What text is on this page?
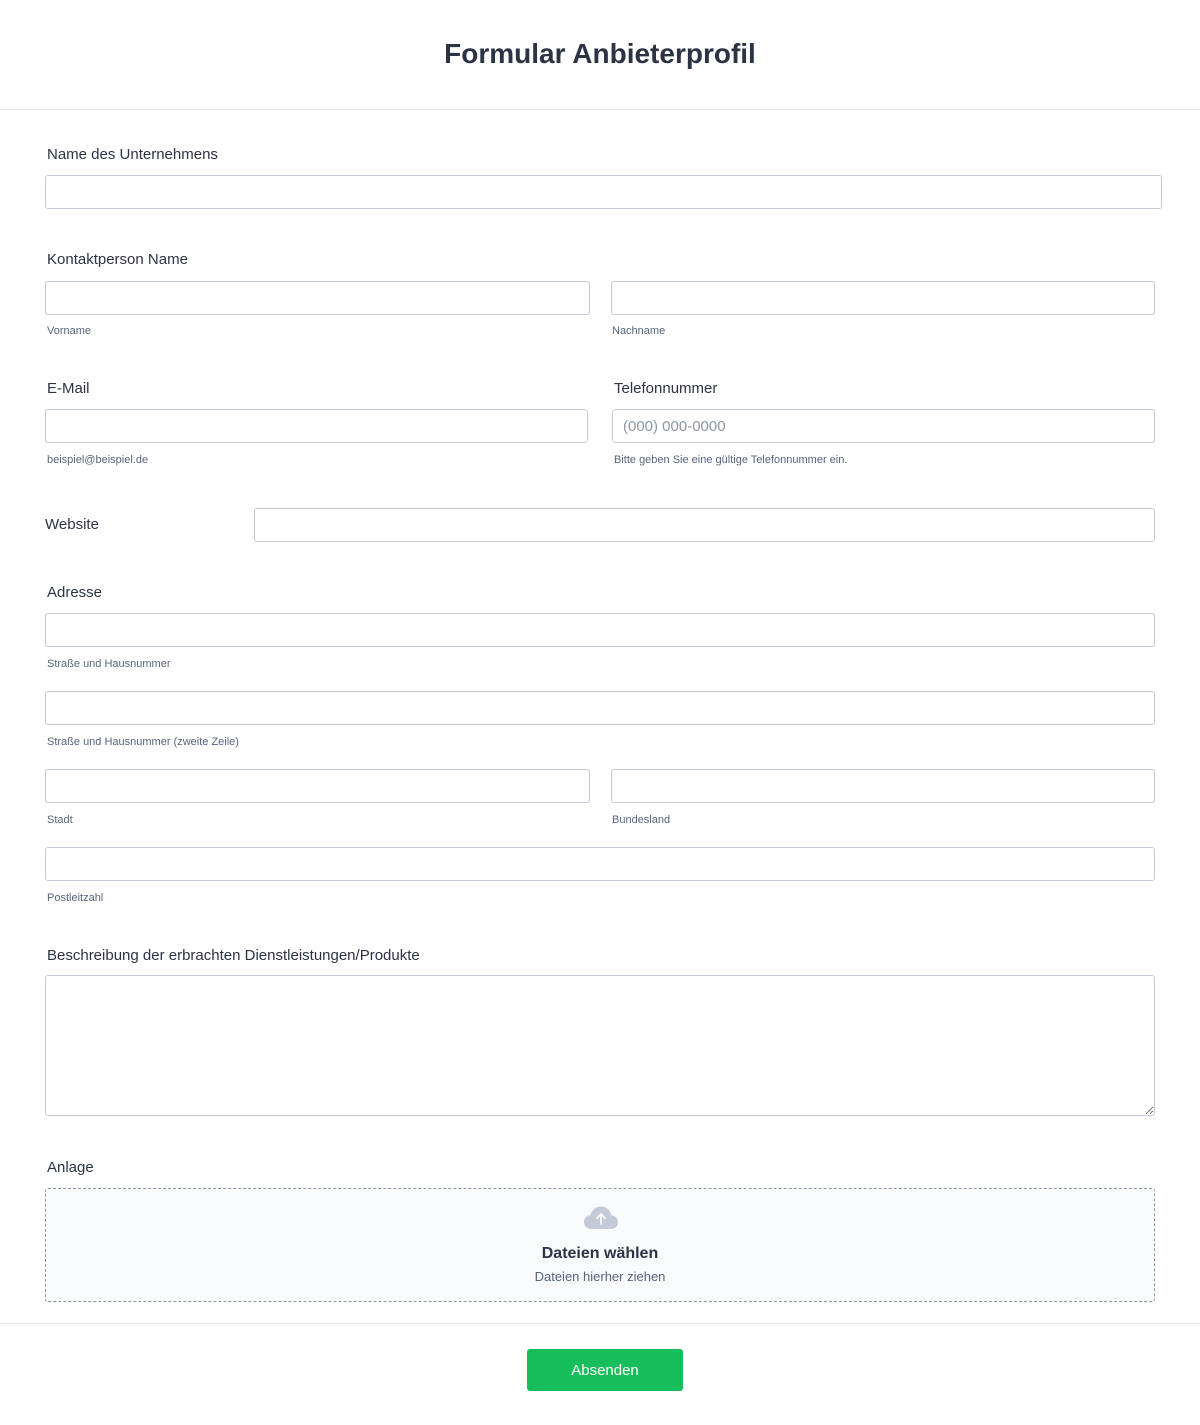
Formular Anbieterprofil
Name des Unternehmens
Kontaktperson Name
Vorname	Nachname
E-Mail
beispiel@beispiel.de
Telefonnummer
(000) 000-0000
Bitte geben Sie eine gültige Telefonnummer ein.
Website
Adresse
Straße und Hausnummer
Straße und Hausnummer (zweite Zeile)
Stadt	Bundesland
Postleitzahl
Beschreibung der erbrachten Dienstleistungen/Produkte
Anlage
Dateien wählen
Dateien hierher ziehen
Absenden
